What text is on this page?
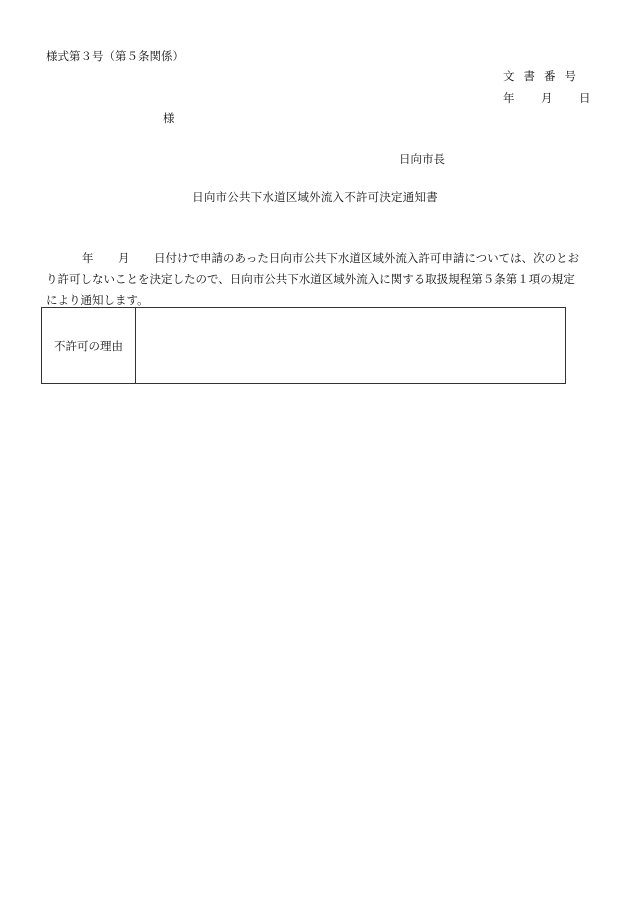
様式第３号（第５条関係）
文書番号
年 月 日
様
日向市長
日向市公共下水道区域外流入不許可決定通知書
年 月 日付けで申請のあった日向市公共下水道区域外流入許可申請については、次のとお
り許可しないことを決定したので、日向市公共下水道区域外流入に関する取扱規程第５条第１項の規定
により通知します。
不許可の理由
